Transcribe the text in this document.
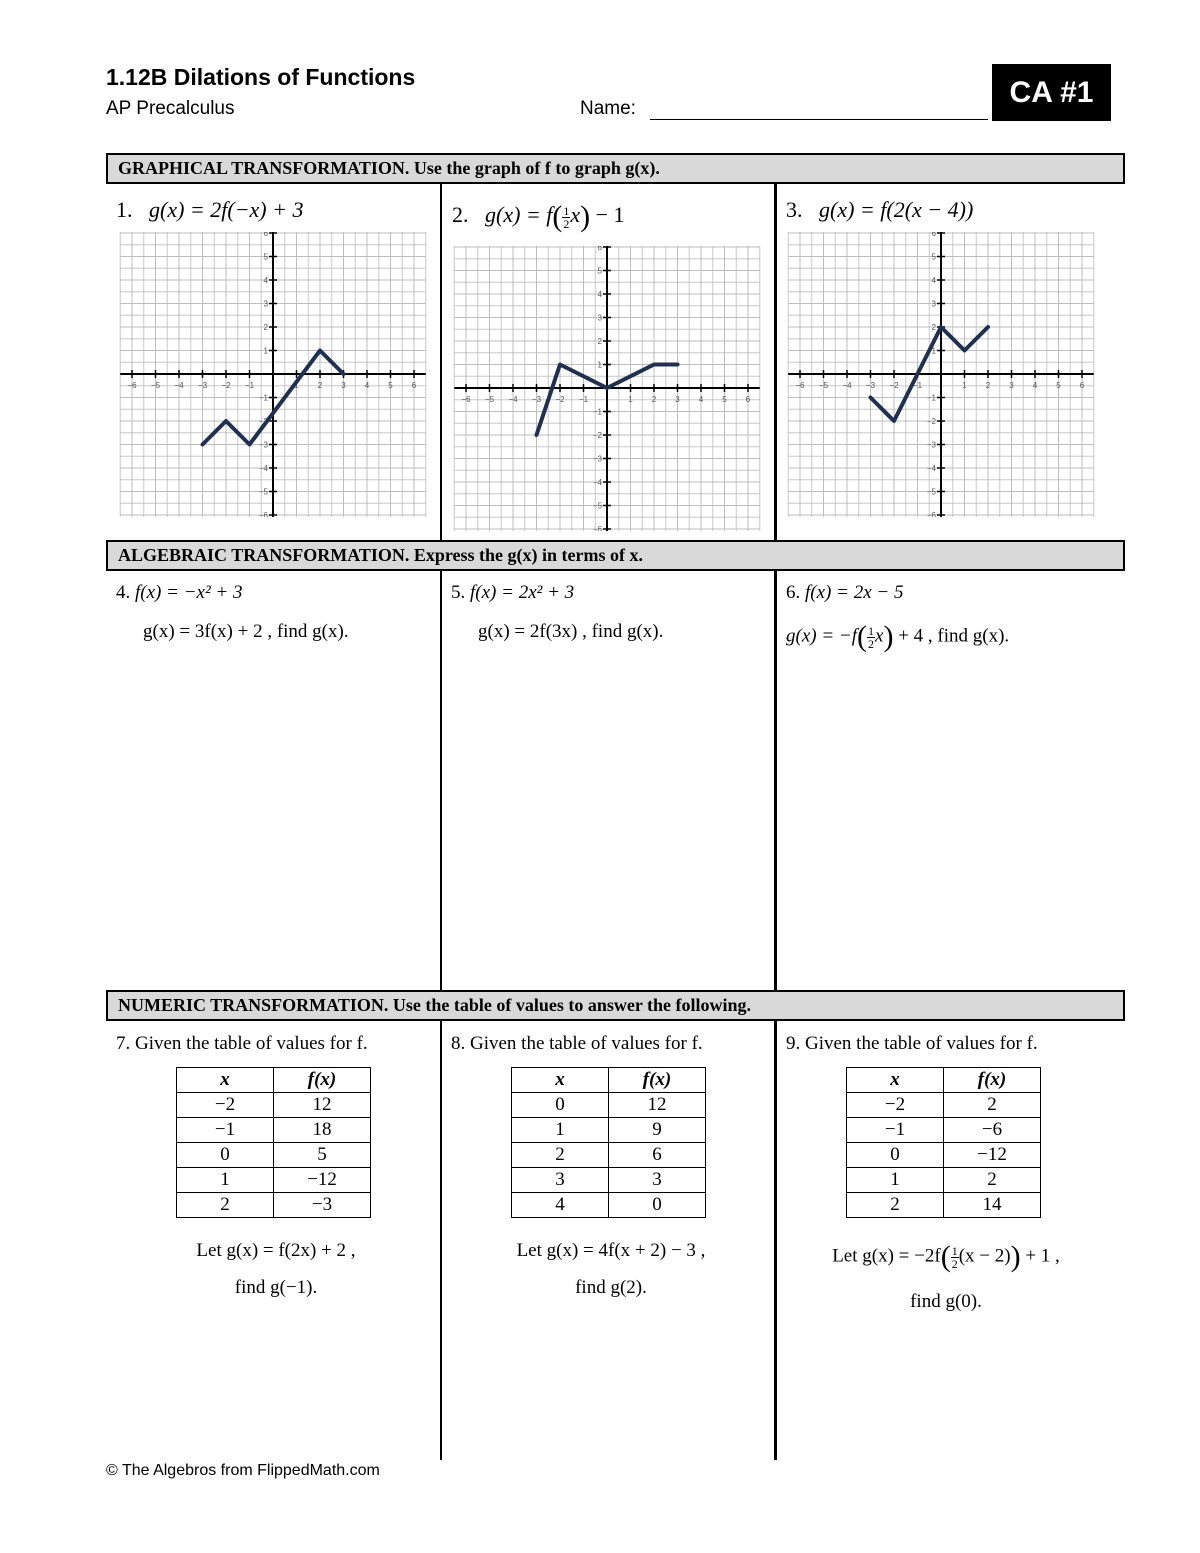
1.12B Dilations of Functions
AP Precalculus	Name:	CA #1
GRAPHICAL TRANSFORMATION. Use the graph of f to graph g(x).
ALGEBRAIC TRANSFORMATION. Express the g(x) in terms of x.
NUMERIC TRANSFORMATION. Use the table of values to answer the following.
1. g(x) = 2f(−x) + 3	2. $g(x) = f( \frac{1}{2} x) - 1$	3. g(x) = f(2(x − 4))
−6
−6
−5
−5
−4
−4
−3
−3
−2
−2
−1
−1
1
1
2
2
3
3
4
4
5
5
6
6
−6
−6
−5
−5
−4
−4
−3
−3
−2
−2
−1
−1
1
1
2
2
3
3
4
4
5
5
6
6
−6
−6
−5
−5
−4
−4
−3
−3
−2
−2
−1
−1
1
1
2
2
3
3
4
4
5
5
6
6
4. f(x) = −x² + 3
g(x) = 3f(x) + 2 , find g(x).
5. f(x) = 2x² + 3
g(x) = 2f(3x) , find g(x).
6. f(x) = 2x − 5
$g(x) = -f( \frac{1}{2} x) + 4$ , find g(x).
7. Given the table of values for f.	8. Given the table of values for f.	9. Given the table of values for f.
x	f(x)
−2	12
−1	18
0	5
1	−12
2	−3
x	f(x)
0	12
1	9
2	6
3	3
4	0
x	f(x)
−2	2
−1	−6
0	−12
1	2
2	14
Let g(x) = f(2x) + 2 ,
find g(−1).
Let g(x) = 4f(x + 2) − 3 ,
find g(2).
Let $g(x) = -2f( \frac{1}{2} (x - 2)) + 1$ ,
find g(0).
© The Algebros from FlippedMath.com
